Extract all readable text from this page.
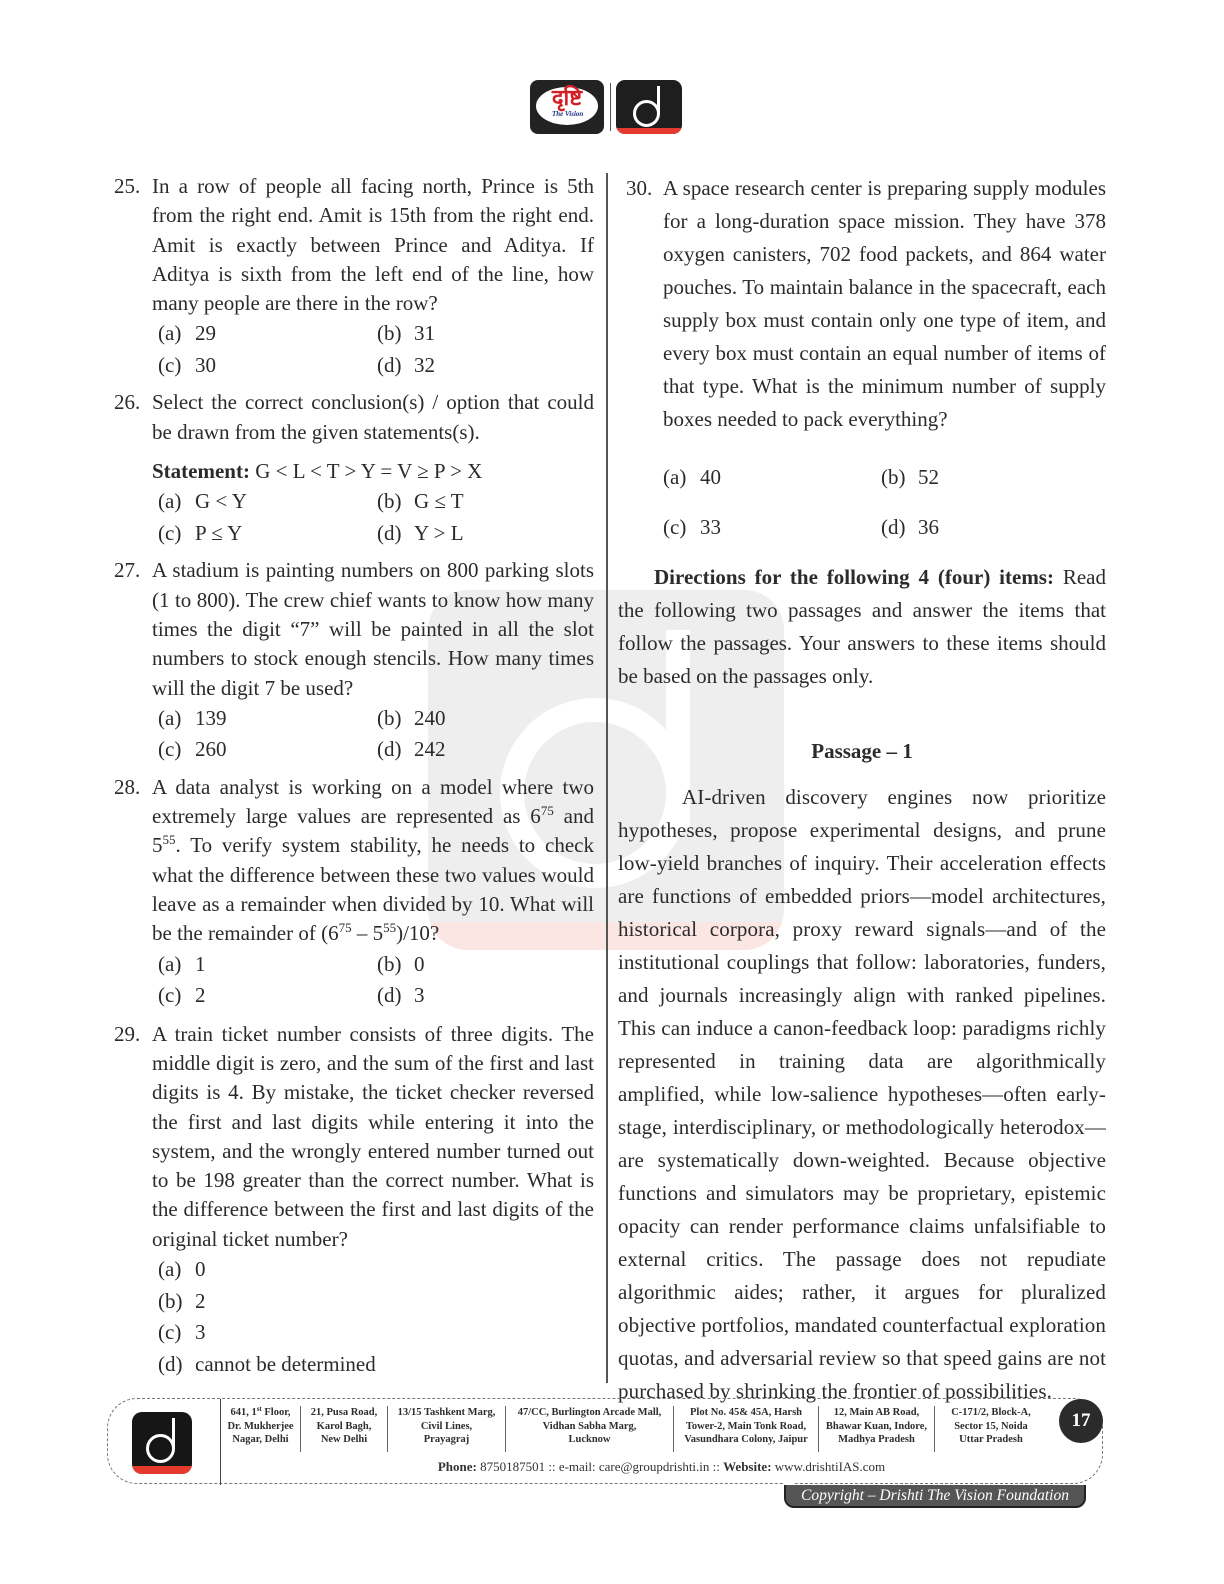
दृष्टि
The Vision
25. In a row of people all facing north, Prince is 5th from the right end. Amit is 15th from the right end. Amit is exactly between Prince and Aditya. If Aditya is sixth from the left end of the line, how many people are there in the row?
(a) 29	(b) 31
(c) 30	(d) 32
26. Select the correct conclusion(s) / option that could be drawn from the given statements(s).
Statement: G < L < T > Y = V ≥ P > X
(a) G < Y	(b) G ≤ T
(c) P ≤ Y	(d) Y > L
27. A stadium is painting numbers on 800 parking slots (1 to 800). The crew chief wants to know how many times the digit “7” will be painted in all the slot numbers to stock enough stencils. How many times will the digit 7 be used?
(a) 139	(b) 240
(c) 260	(d) 242
28. A data analyst is working on a model where two extremely large values are represented as $6^{75}$ and $5^{55}$. To verify system stability, he needs to check what the difference between these two values would leave as a remainder when divided by 10. What will be the remainder of $(6^{75} - 5^{55})/10$?
(a) 1	(b) 0
(c) 2	(d) 3
29. A train ticket number consists of three digits. The middle digit is zero, and the sum of the first and last digits is 4. By mistake, the ticket checker reversed the first and last digits while entering it into the system, and the wrongly entered number turned out to be 198 greater than the correct number. What is the difference between the first and last digits of the original ticket number?
(a) 0
(b) 2
(c) 3
(d) cannot be determined
30. A space research center is preparing supply modules for a long-duration space mission. They have 378 oxygen canisters, 702 food packets, and 864 water pouches. To maintain balance in the spacecraft, each supply box must contain only one type of item, and every box must contain an equal number of items of that type. What is the minimum number of supply boxes needed to pack everything?
(a) 40	(b) 52
(c) 33	(d) 36
Directions for the following 4 (four) items: Read the following two passages and answer the items that follow the passages. Your answers to these items should be based on the passages only.
Passage – 1
AI-driven discovery engines now prioritize hypotheses, propose experimental designs, and prune low-yield branches of inquiry. Their acceleration effects are functions of embedded priors—model architectures, historical corpora, proxy reward signals—and of the institutional couplings that follow: laboratories, funders, and journals increasingly align with ranked pipelines. This can induce a canon-feedback loop: paradigms richly represented in training data are algorithmically amplified, while low-salience hypotheses—often early-stage, interdisciplinary, or methodologically heterodox—are systematically down-weighted. Because objective functions and simulators may be proprietary, epistemic opacity can render performance claims unfalsifiable to external critics. The passage does not repudiate algorithmic aides; rather, it argues for pluralized objective portfolios, mandated counterfactual exploration quotas, and adversarial review so that speed gains are not purchased by shrinking the frontier of possibilities.
641, 1st Floor,
Dr. Mukherjee
Nagar, Delhi
21, Pusa Road,
Karol Bagh,
New Delhi
13/15 Tashkent Marg,
Civil Lines,
Prayagraj
47/CC, Burlington Arcade Mall,
Vidhan Sabha Marg,
Lucknow
Plot No. 45& 45A, Harsh
Tower-2, Main Tonk Road,
Vasundhara Colony, Jaipur
12, Main AB Road,
Bhawar Kuan, Indore,
Madhya Pradesh
C-171/2, Block-A,
Sector 15, Noida
Uttar Pradesh
Phone: 8750187501 :: e-mail: care@groupdrishti.in :: Website: www.drishtiIAS.com
17
Copyright – Drishti The Vision Foundation
